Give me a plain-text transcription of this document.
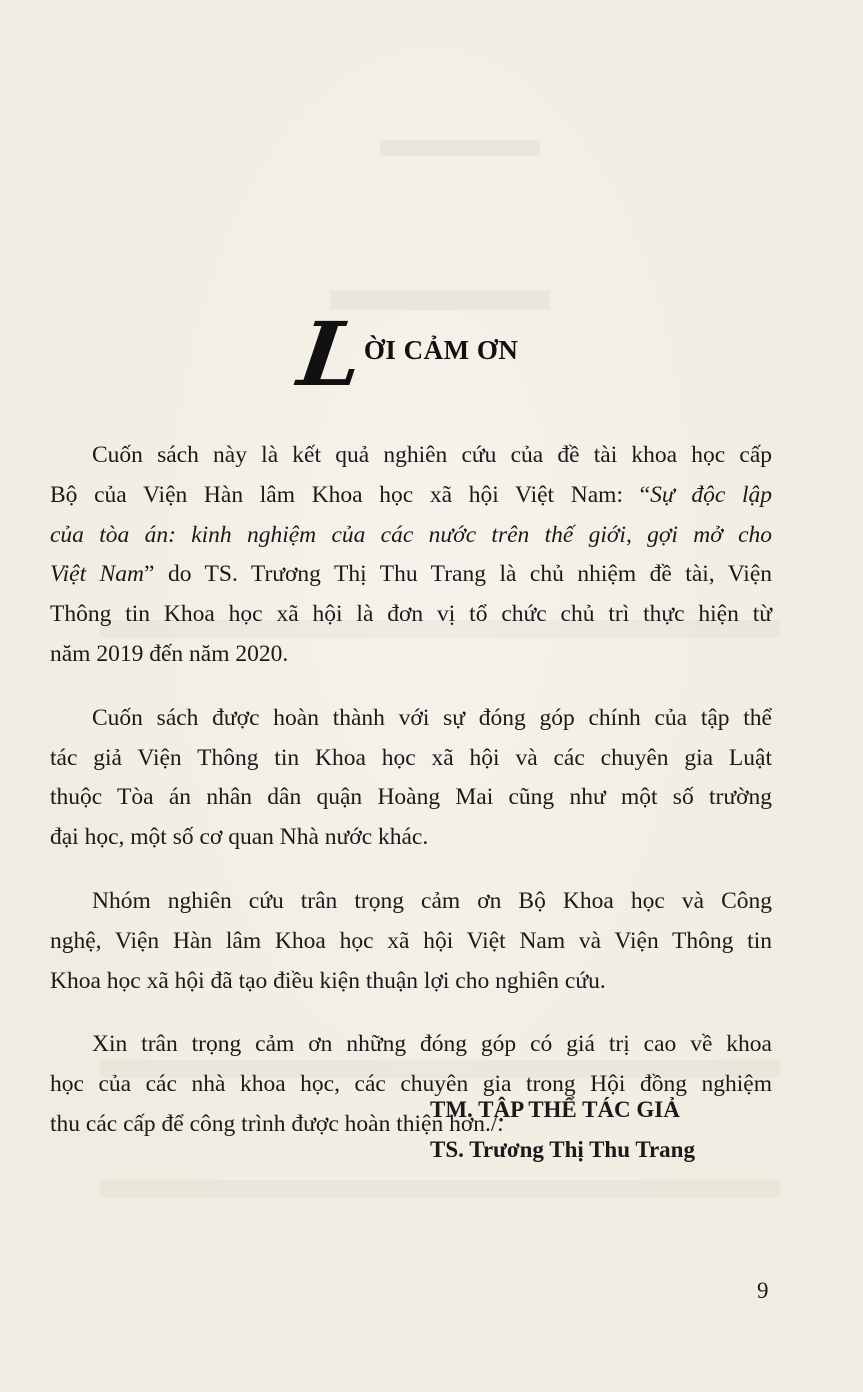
L
ỜI CẢM ƠN
Cuốn sách này là kết quả nghiên cứu của đề tài khoa học cấp
Bộ của Viện Hàn lâm Khoa học xã hội Việt Nam: “Sự độc lập
của tòa án: kinh nghiệm của các nước trên thế giới, gợi mở cho
Việt Nam” do TS. Trương Thị Thu Trang là chủ nhiệm đề tài, Viện
Thông tin Khoa học xã hội là đơn vị tổ chức chủ trì thực hiện từ
năm 2019 đến năm 2020.
Cuốn sách được hoàn thành với sự đóng góp chính của tập thể
tác giả Viện Thông tin Khoa học xã hội và các chuyên gia Luật
thuộc Tòa án nhân dân quận Hoàng Mai cũng như một số trường
đại học, một số cơ quan Nhà nước khác.
Nhóm nghiên cứu trân trọng cảm ơn Bộ Khoa học và Công
nghệ, Viện Hàn lâm Khoa học xã hội Việt Nam và Viện Thông tin
Khoa học xã hội đã tạo điều kiện thuận lợi cho nghiên cứu.
Xin trân trọng cảm ơn những đóng góp có giá trị cao về khoa
học của các nhà khoa học, các chuyên gia trong Hội đồng nghiệm
thu các cấp để công trình được hoàn thiện hơn./.
TM. TẬP THỂ TÁC GIẢ
TS. Trương Thị Thu Trang
9
